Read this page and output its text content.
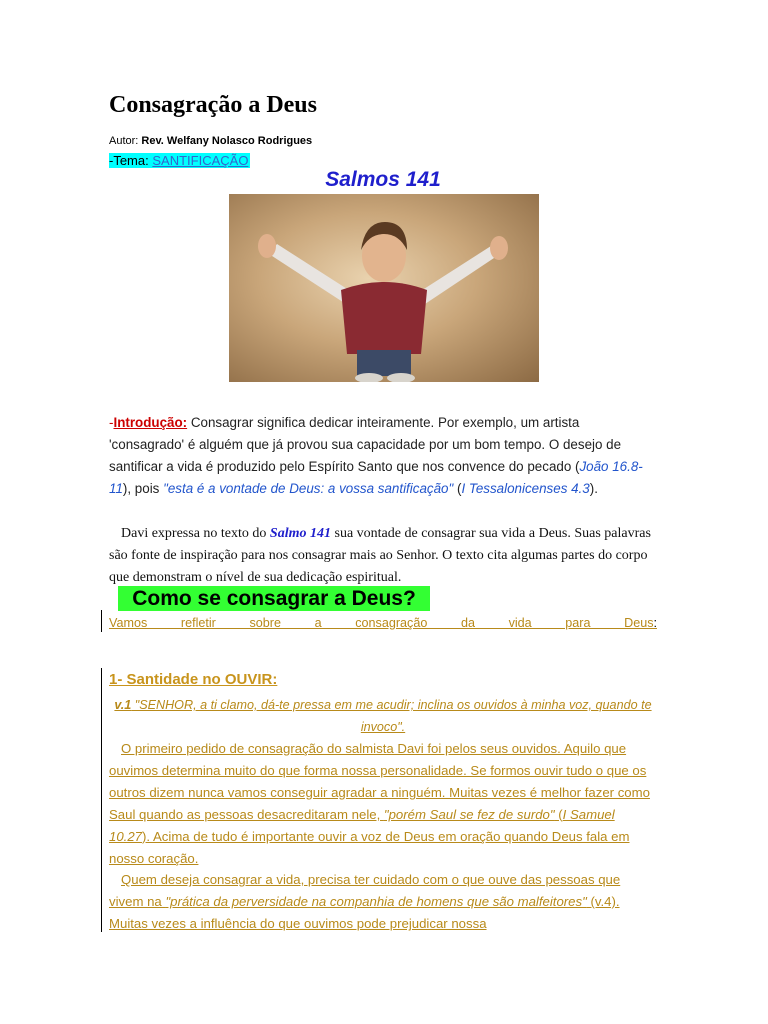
Consagração a Deus
Autor: Rev. Welfany Nolasco Rodrigues
-Tema: SANTIFICAÇÃO
Salmos 141
-Introdução: Consagrar significa dedicar inteiramente. Por exemplo, um artista 'consagrado' é alguém que já provou sua capacidade por um bom tempo. O desejo de santificar a vida é produzido pelo Espírito Santo que nos convence do pecado (João 16.8-11), pois "esta é a vontade de Deus: a vossa santificação" (I Tessalonicenses 4.3).
Davi expressa no texto do Salmo 141 sua vontade de consagrar sua vida a Deus. Suas palavras são fonte de inspiração para nos consagrar mais ao Senhor. O texto cita algumas partes do corpo que demonstram o nível de sua dedicação espiritual.
Como se consagrar a Deus?
Vamos refletir sobre a consagração da vida para Deus:
1- Santidade no OUVIR:
v.1 "SENHOR, a ti clamo, dá-te pressa em me acudir; inclina os ouvidos à minha voz, quando te invoco".
O primeiro pedido de consagração do salmista Davi foi pelos seus ouvidos. Aquilo que ouvimos determina muito do que forma nossa personalidade. Se formos ouvir tudo o que os outros dizem nunca vamos conseguir agradar a ninguém. Muitas vezes é melhor fazer como Saul quando as pessoas desacreditaram nele, "porém Saul se fez de surdo" (I Samuel 10.27). Acima de tudo é importante ouvir a voz de Deus em oração quando Deus fala em nosso coração.
Quem deseja consagrar a vida, precisa ter cuidado com o que ouve das pessoas que vivem na "prática da perversidade na companhia de homens que são malfeitores" (v.4). Muitas vezes a influência do que ouvimos pode prejudicar nossa
